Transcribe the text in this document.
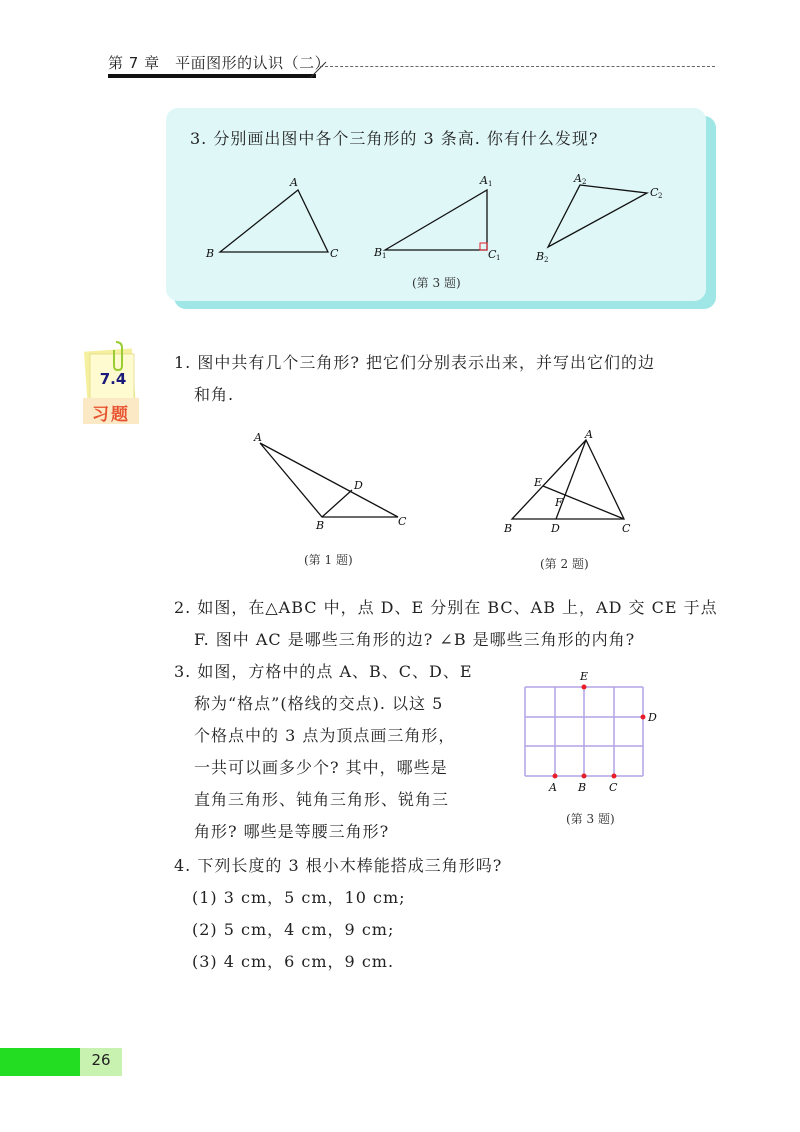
第 7 章　平面图形的认识（二）
3. 分别画出图中各个三角形的 3 条高. 你有什么发现?
A
B	C
A 1
B 1	C 1
A 2
C 2
B 2
(第 3 题)
7.4
习题
1. 图中共有几个三角形? 把它们分别表示出来，并写出它们的边
和角.
A
B	C
D
(第 1 题)
A
B	C
D
E
F
(第 2 题)
2. 如图，在△ABC 中，点 D、E 分别在 BC、AB 上，AD 交 CE 于点
F. 图中 AC 是哪些三角形的边? ∠B 是哪些三角形的内角?
3. 如图，方格中的点 A、B、C、D、E
称为“格点”(格线的交点). 以这 5
个格点中的 3 点为顶点画三角形，
一共可以画多少个? 其中，哪些是
直角三角形、钝角三角形、锐角三
角形? 哪些是等腰三角形?
A B C
D
E
(第 3 题)
4. 下列长度的 3 根小木棒能搭成三角形吗?
(1) 3 cm，5 cm，10 cm;
(2) 5 cm，4 cm，9 cm;
(3) 4 cm，6 cm，9 cm.
26
